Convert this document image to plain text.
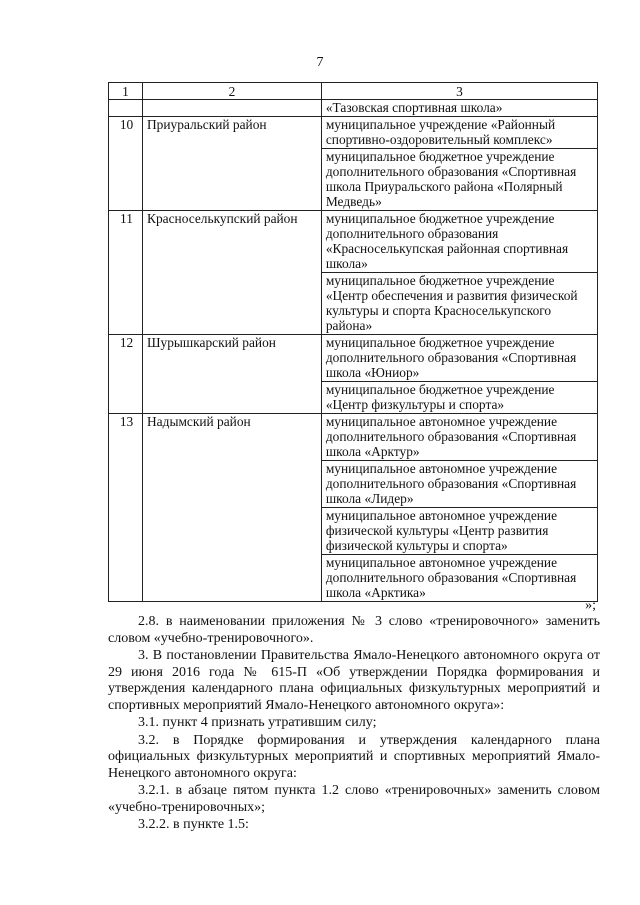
7
1	2	3
		«Тазовская спортивная школа»
10	Приуральский район	муниципальное учреждение «Районный спортивно-оздоровительный комплекс»
		муниципальное бюджетное учреждение дополнительного образования «Спортивная школа Приуральского района «Полярный Медведь»
11	Красноселькупский район	муниципальное бюджетное учреждение дополнительного образования «Красноселькупская районная спортивная школа»
		муниципальное бюджетное учреждение «Центр обеспечения и развития физической культуры и спорта Красноселькупского района»
12	Шурышкарский район	муниципальное бюджетное учреждение дополнительного образования «Спортивная школа «Юниор»
		муниципальное бюджетное учреждение «Центр физкультуры и спорта»
13	Надымский район	муниципальное автономное учреждение дополнительного образования «Спортивная школа «Арктур»
		муниципальное автономное учреждение дополнительного образования «Спортивная школа «Лидер»
		муниципальное автономное учреждение физической культуры «Центр развития физической культуры и спорта»
		муниципальное автономное учреждение дополнительного образования «Спортивная школа «Арктика»
»;

2.8. в наименовании приложения № 3 слово «тренировочного» заменить словом «учебно-тренировочного».

3. В постановлении Правительства Ямало-Ненецкого автономного округа от 29 июня 2016 года № 615-П «Об утверждении Порядка формирования и утверждения календарного плана официальных физкультурных мероприятий и спортивных мероприятий Ямало-Ненецкого автономного округа»:

3.1. пункт 4 признать утратившим силу;

3.2. в Порядке формирования и утверждения календарного плана официальных физкультурных мероприятий и спортивных мероприятий Ямало-Ненецкого автономного округа:

3.2.1. в абзаце пятом пункта 1.2 слово «тренировочных» заменить словом «учебно-тренировочных»;

3.2.2. в пункте 1.5:
